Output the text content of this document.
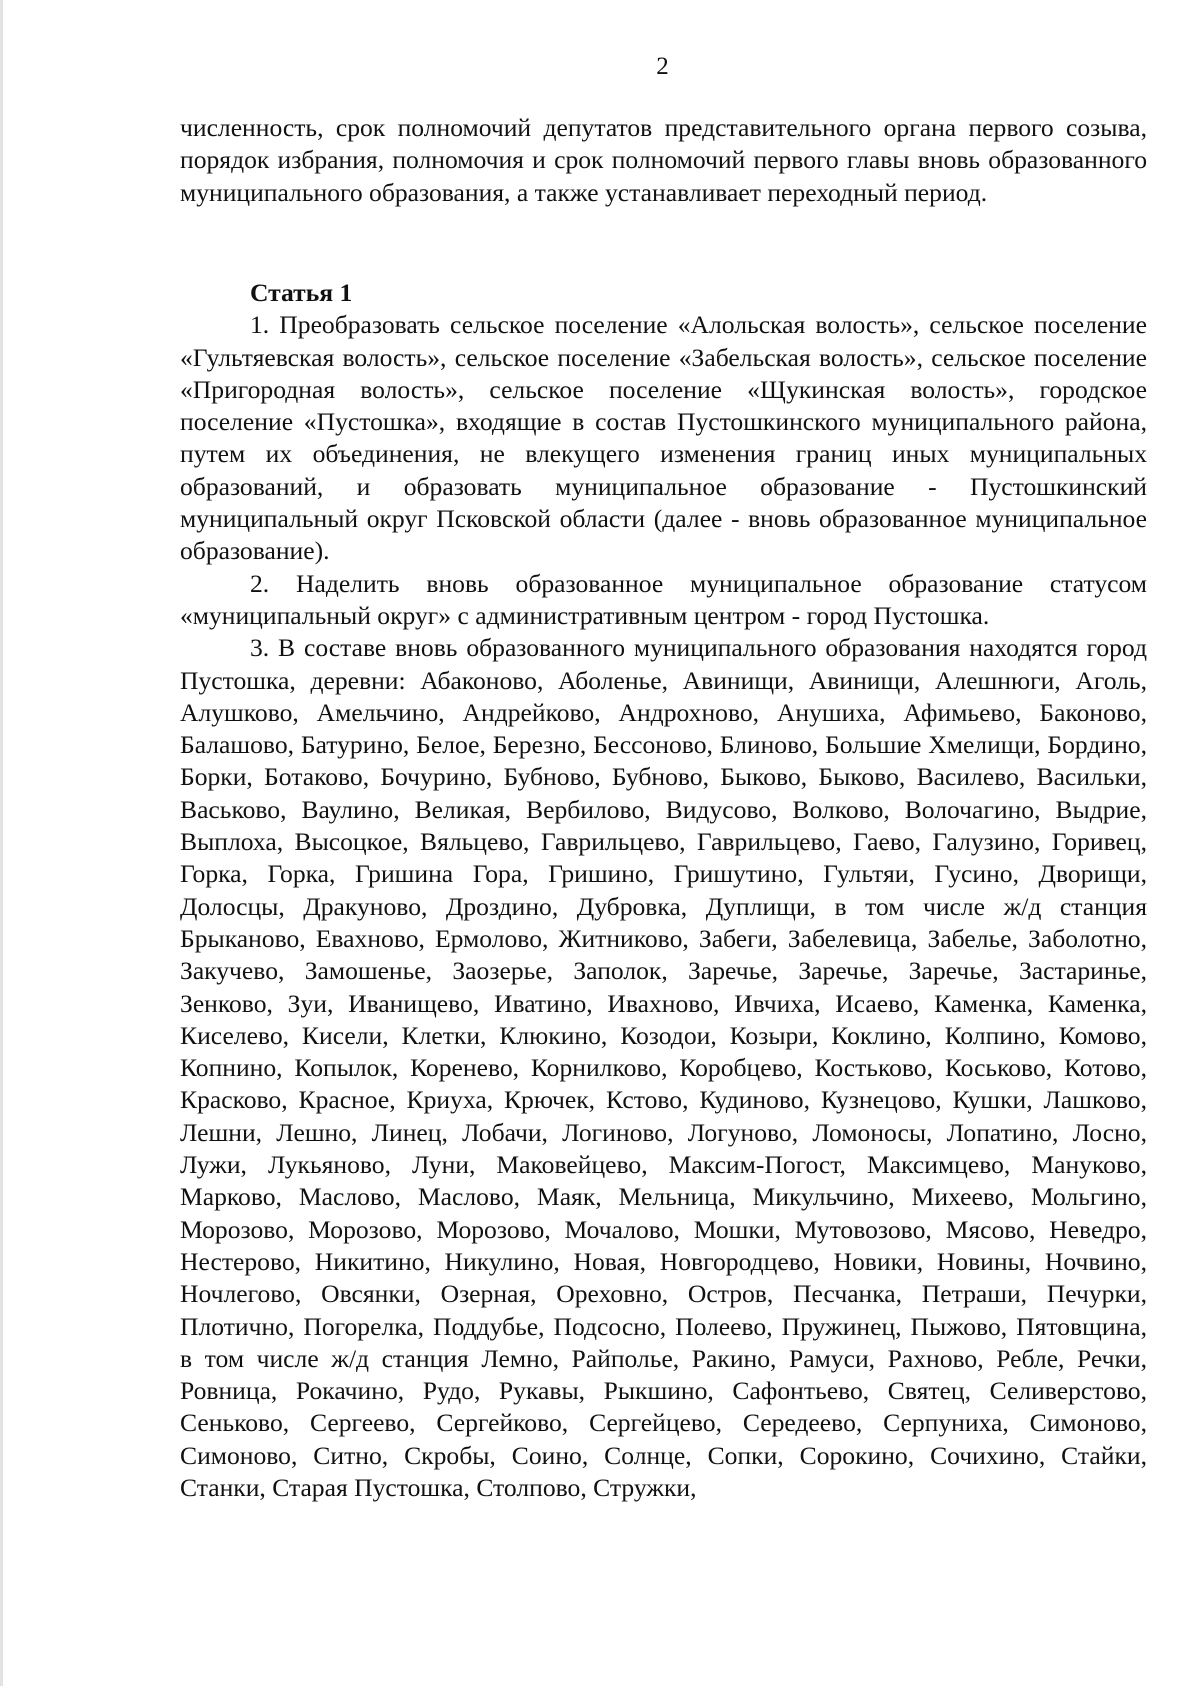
2

численность, срок полномочий депутатов представительного органа первого созыва, порядок избрания, полномочия и срок полномочий первого главы вновь образованного муниципального образования, а также устанавливает переходный период.

Статья 1

1. Преобразовать сельское поселение «Алольская волость», сельское поселение «Гультяевская волость», сельское поселение «Забельская волость», сельское поселение «Пригородная волость», сельское поселение «Щукинская волость», городское поселение «Пустошка», входящие в состав Пустошкинского муниципального района, путем их объединения, не влекущего изменения границ иных муниципальных образований, и образовать муниципальное образование - Пустошкинский муниципальный округ Псковской области (далее - вновь образованное муниципальное образование).

2. Наделить вновь образованное муниципальное образование статусом «муниципальный округ» с административным центром - город Пустошка.

3. В составе вновь образованного муниципального образования находятся город Пустошка, деревни: Абаконово, Аболенье, Авинищи, Авинищи, Алешнюги, Аголь, Алушково, Амельчино, Андрейково, Андрохново, Анушиха, Афимьево, Баконово, Балашово, Батурино, Белое, Березно, Бессоново, Блиново, Большие Хмелищи, Бордино, Борки, Ботаково, Бочурино, Бубново, Бубново, Быково, Быково, Василево, Васильки, Васьково, Ваулино, Великая, Вербилово, Видусово, Волково, Волочагино, Выдрие, Выплоха, Высоцкое, Вяльцево, Гаврильцево, Гаврильцево, Гаево, Галузино, Горивец, Горка, Горка, Гришина Гора, Гришино, Гришутино, Гультяи, Гусино, Дворищи, Долосцы, Дракуново, Дроздино, Дубровка, Дуплищи, в том числе ж/д станция Брыканово, Евахново, Ермолово, Житниково, Забеги, Забелевица, Забелье, Заболотно, Закучево, Замошенье, Заозерье, Заполок, Заречье, Заречье, Заречье, Застаринье, Зенково, Зуи, Иванищево, Иватино, Ивахново, Ивчиха, Исаево, Каменка, Каменка, Киселево, Кисели, Клетки, Клюкино, Козодои, Козыри, Коклино, Колпино, Комово, Копнино, Копылок, Коренево, Корнилково, Коробцево, Костьково, Коськово, Котово, Красково, Красное, Криуха, Крючек, Кстово, Кудиново, Кузнецово, Кушки, Лашково, Лешни, Лешно, Линец, Лобачи, Логиново, Логуново, Ломоносы, Лопатино, Лосно, Лужи, Лукьяново, Луни, Маковейцево, Максим-Погост, Максимцево, Мануково, Марково, Маслово, Маслово, Маяк, Мельница, Микульчино, Михеево, Мольгино, Морозово, Морозово, Морозово, Мочалово, Мошки, Мутовозово, Мясово, Неведро, Нестерово, Никитино, Никулино, Новая, Новгородцево, Новики, Новины, Ночвино, Ночлегово, Овсянки, Озерная, Ореховно, Остров, Песчанка, Петраши, Печурки, Плотично, Погорелка, Поддубье, Подсосно, Полеево, Пружинец, Пыжово, Пятовщина, в том числе ж/д станция Лемно, Райполье, Ракино, Рамуси, Рахново, Ребле, Речки, Ровница, Рокачино, Рудо, Рукавы, Рыкшино, Сафонтьево, Святец, Селиверстово, Сеньково, Сергеево, Сергейково, Сергейцево, Середеево, Серпуниха, Симоново, Симоново, Ситно, Скробы, Соино, Солнце, Сопки, Сорокино, Сочихино, Стайки, Станки, Старая Пустошка, Столпово, Стружки,
